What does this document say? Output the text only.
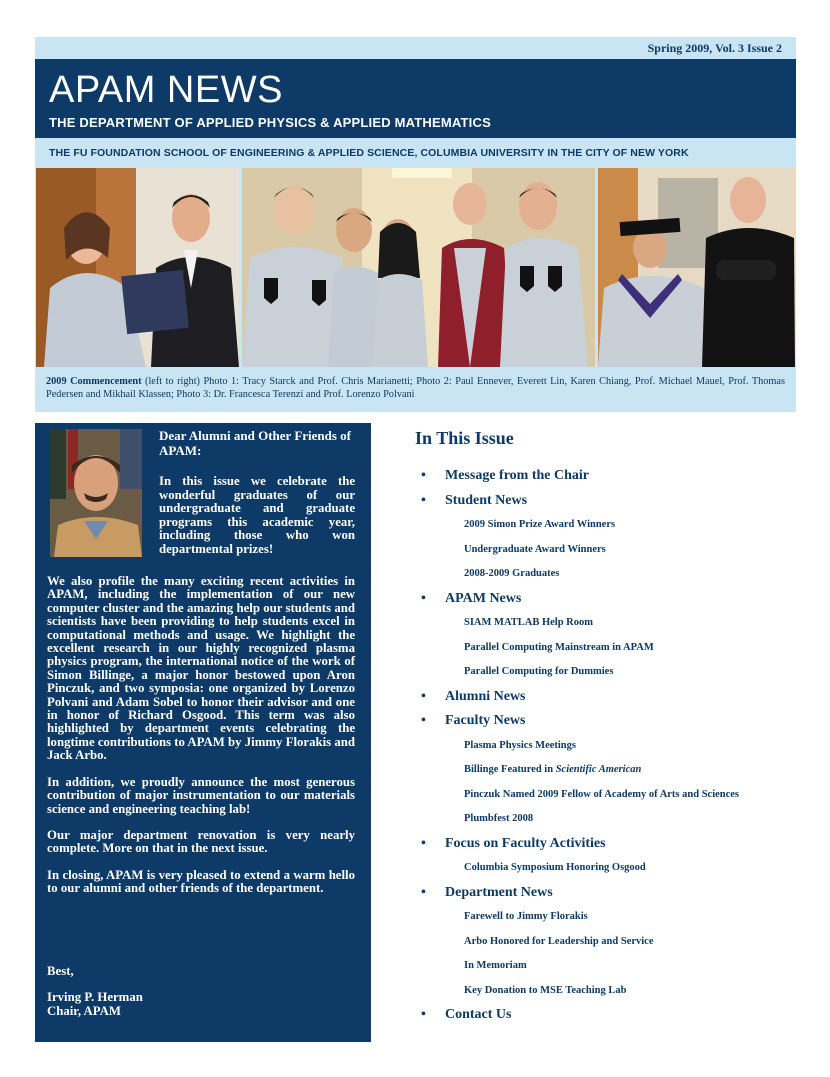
Spring 2009, Vol. 3 Issue 2
APAM NEWS
THE DEPARTMENT OF APPLIED PHYSICS & APPLIED MATHEMATICS
THE FU FOUNDATION SCHOOL OF ENGINEERING & APPLIED SCIENCE, COLUMBIA UNIVERSITY IN THE CITY OF NEW YORK
2009 Commencement (left to right) Photo 1: Tracy Starck and Prof. Chris Marianetti; Photo 2: Paul Ennever, Everett Lin, Karen Chiang, Prof. Michael Mauel, Prof. Thomas Pedersen and Mikhail Klassen; Photo 3: Dr. Francesca Terenzi and Prof. Lorenzo Polvani
Dear Alumni and Other Friends of APAM:
In this issue we celebrate the wonderful graduates of our undergraduate and graduate programs this academic year, including those who won departmental prizes!

We also profile the many exciting recent activities in APAM, including the implementation of our new computer cluster and the amazing help our students and scientists have been providing to help students excel in computational methods and usage. We highlight the excellent research in our highly recognized plasma physics program, the international notice of the work of Simon Billinge, a major honor bestowed upon Aron Pinczuk, and two symposia: one organized by Lorenzo Polvani and Adam Sobel to honor their advisor and one in honor of Richard Osgood. This term was also highlighted by department events celebrating the longtime contributions to APAM by Jimmy Florakis and Jack Arbo.

In addition, we proudly announce the most generous contribution of major instrumentation to our materials science and engineering teaching lab!

Our major department renovation is very nearly complete. More on that in the next issue.

In closing, APAM is very pleased to extend a warm hello to our alumni and other friends of the department.

Best,
Irving P. Herman
Chair, APAM
In This Issue
• Message from the Chair
• Student News
2009 Simon Prize Award Winners
Undergraduate Award Winners
2008-2009 Graduates
• APAM News
SIAM MATLAB Help Room
Parallel Computing Mainstream in APAM
Parallel Computing for Dummies
• Alumni News
• Faculty News
Plasma Physics Meetings
Billinge Featured in Scientific American
Pinczuk Named 2009 Fellow of Academy of Arts and Sciences
Plumbfest 2008
• Focus on Faculty Activities
Columbia Symposium Honoring Osgood
• Department News
Farewell to Jimmy Florakis
Arbo Honored for Leadership and Service
In Memoriam
Key Donation to MSE Teaching Lab
• Contact Us
